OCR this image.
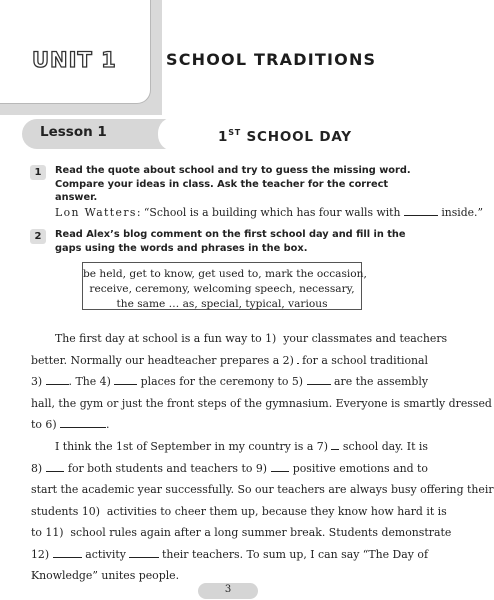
UNIT 1	SCHOOL TRADITIONS
Lesson 1	1ST SCHOOL DAY
1	Read the quote about school and try to guess the missing word. Compare your ideas in class. Ask the teacher for the correct answer.
Lon Watters: “School is a building which has four walls with	inside.”
2	Read Alex’s blog comment on the first school day and fill in the gaps using the words and phrases in the box.
be held, get to know, get used to, mark the occasion,
receive, ceremony, welcoming speech, necessary,
the same … as, special, typical, various
The first day at school is a fun way to 1) your classmates and teachers
better. Normally our headteacher prepares a 2) for a school traditional
3) . The 4) places for the ceremony to 5) are the assembly
hall, the gym or just the front steps of the gymnasium. Everyone is smartly dressed
to 6)	.
I think the 1st of September in my country is a 7) school day. It is
8) for both students and teachers to 9) positive emotions and to
start the academic year successfully. So our teachers are always busy offering their
students 10) activities to cheer them up, because they know how hard it is
to 11) school rules again after a long summer break. Students demonstrate
12)	activity	their teachers. To sum up, I can say “The Day of
Knowledge” unites people.
3
